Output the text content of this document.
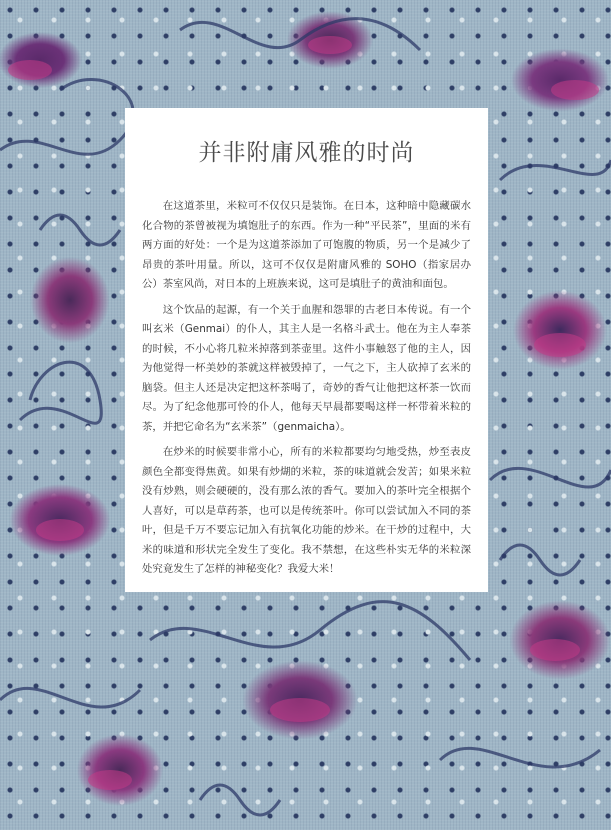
并非附庸风雅的时尚

在这道茶里，米粒可不仅仅只是装饰。在日本，这种暗中隐藏碳水化合物的茶曾被视为填饱肚子的东西。作为一种“平民茶”，里面的米有两方面的好处：一个是为这道茶添加了可饱腹的物质，另一个是减少了昂贵的茶叶用量。所以，这可不仅仅是附庸风雅的 SOHO（指家居办公）茶室风尚，对日本的上班族来说，这可是填肚子的黄油和面包。

这个饮品的起源，有一个关于血腥和怨罪的古老日本传说。有一个叫玄米（Genmai）的仆人，其主人是一名格斗武士。他在为主人奉茶的时候，不小心将几粒米掉落到茶壶里。这件小事触怒了他的主人，因为他觉得一杯美妙的茶就这样被毁掉了，一气之下，主人砍掉了玄米的脑袋。但主人还是决定把这杯茶喝了，奇妙的香气让他把这杯茶一饮而尽。为了纪念他那可怜的仆人，他每天早晨都要喝这样一杯带着米粒的茶，并把它命名为“玄米茶”（genmaicha）。

在炒米的时候要非常小心，所有的米粒都要均匀地受热，炒至表皮颜色全都变得焦黄。如果有炒煳的米粒，茶的味道就会发苦；如果米粒没有炒熟，则会硬硬的，没有那么浓的香气。要加入的茶叶完全根据个人喜好，可以是草药茶，也可以是传统茶叶。你可以尝试加入不同的茶叶，但是千万不要忘记加入有抗氧化功能的炒米。在干炒的过程中，大米的味道和形状完全发生了变化。我不禁想，在这些朴实无华的米粒深处究竟发生了怎样的神秘变化？我爱大米！
